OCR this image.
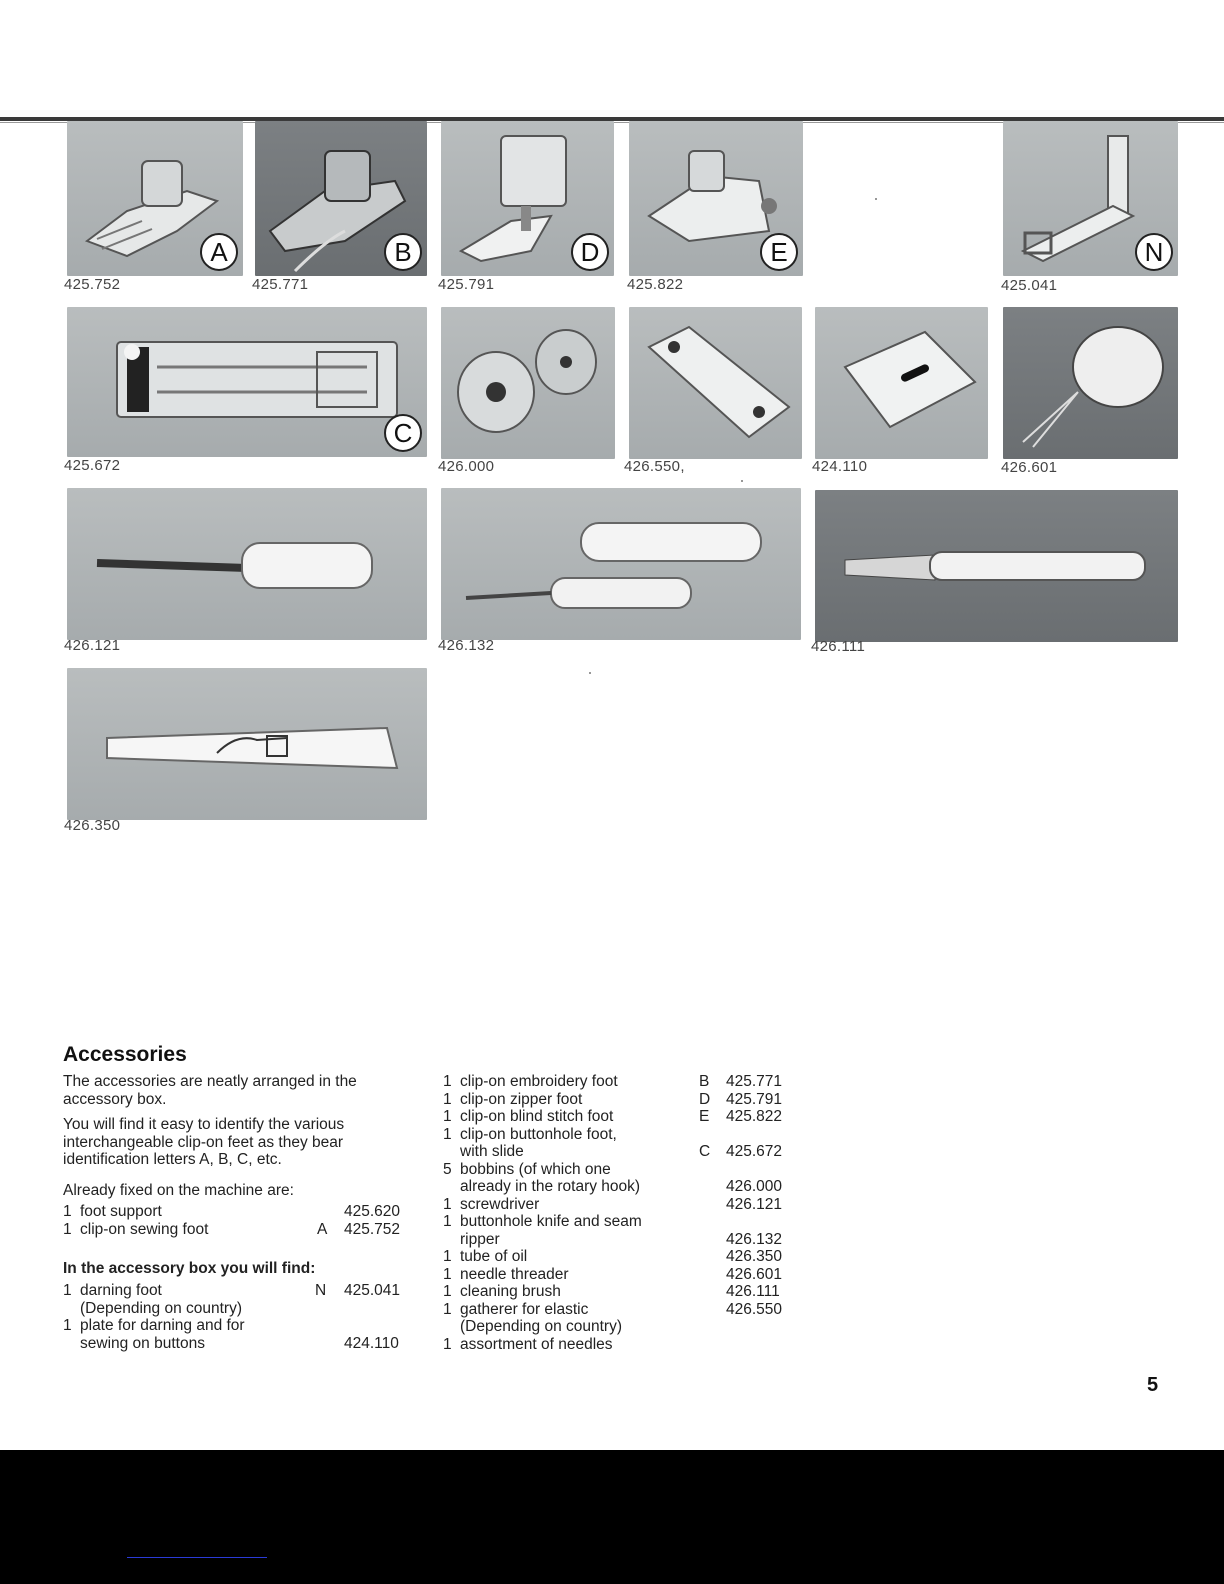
A
425.752
B
425.771
D
425.791
E
425.822
N
425.041
C
425.672	426.000	426.550,	424.110	426.601
426.121	426.132	426.111
426.350
Accessories
The accessories are neatly arranged in the accessory box.
You will find it easy to identify the various interchangeable clip-on feet as they bear identification letters A, B, C, etc.
Already fixed on the machine are:
1 foot support	425.620
1 clip-on sewing foot	A 425.752
In the accessory box you will find:
1 darning foot	N 425.041
(Depending on country)
1 plate for darning and for
sewing on buttons	424.110
1 clip-on embroidery foot	B 425.771
1 clip-on zipper foot	D 425.791
1 clip-on blind stitch foot	E 425.822
1 clip-on buttonhole foot,
with slide	C 425.672
5 bobbins (of which one
already in the rotary hook)	426.000
1 screwdriver	426.121
1 buttonhole knife and seam
ripper	426.132
1 tube of oil	426.350
1 needle threader	426.601
1 cleaning brush	426.111
1 gatherer for elastic	426.550
(Depending on country)
1 assortment of needles
5
